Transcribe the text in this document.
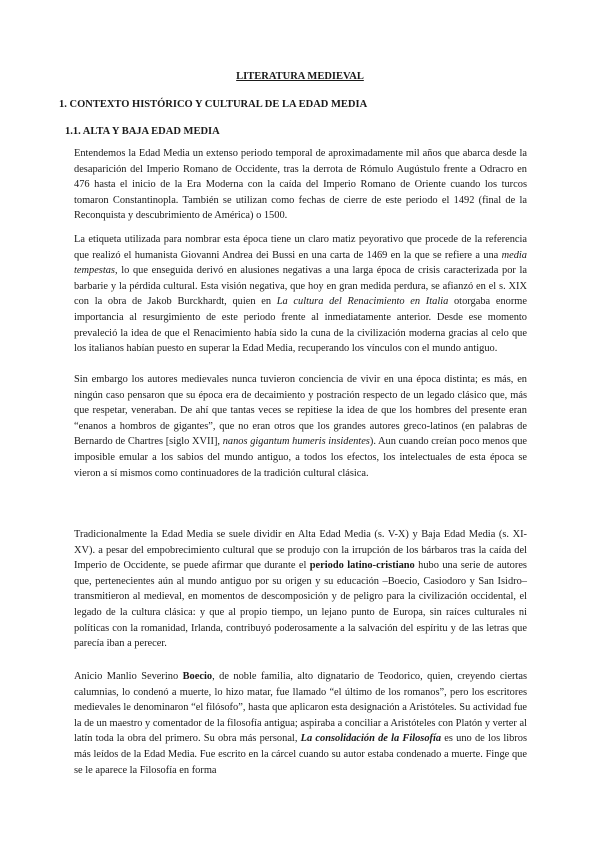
LITERATURA MEDIEVAL
1. CONTEXTO HISTÓRICO Y CULTURAL DE LA EDAD MEDIA
1.1. ALTA Y BAJA EDAD MEDIA

Entendemos la Edad Media un extenso periodo temporal de aproximadamente mil años que abarca desde la desaparición del Imperio Romano de Occidente, tras la derrota de Rómulo Augústulo frente a Odracro en 476 hasta el inicio de la Era Moderna con la caída del Imperio Romano de Oriente cuando los turcos tomaron Constantinopla. También se utilizan como fechas de cierre de este periodo el 1492 (final de la Reconquista y descubrimiento de América) o 1500.

La etiqueta utilizada para nombrar esta época tiene un claro matiz peyorativo que procede de la referencia que realizó el humanista Giovanni Andrea dei Bussi en una carta de 1469 en la que se refiere a una media tempestas, lo que enseguida derivó en alusiones negativas a una larga época de crisis caracterizada por la barbarie y la pérdida cultural. Esta visión negativa, que hoy en gran medida perdura, se afianzó en el s. XIX con la obra de Jakob Burckhardt, quien en La cultura del Renacimiento en Italia otorgaba enorme importancia al resurgimiento de este periodo frente al inmediatamente anterior. Desde ese momento prevaleció la idea de que el Renacimiento había sido la cuna de la civilización moderna gracias al celo que los italianos habían puesto en superar la Edad Media, recuperando los vínculos con el mundo antiguo.

Sin embargo los autores medievales nunca tuvieron conciencia de vivir en una época distinta; es más, en ningún caso pensaron que su época era de decaimiento y postración respecto de un legado clásico que, más que respetar, veneraban. De ahí que tantas veces se repitiese la idea de que los hombres del presente eran “enanos a hombros de gigantes”, que no eran otros que los grandes autores greco-latinos (en palabras de Bernardo de Chartres [siglo XVII], nanos gigantum humeris insidentes). Aun cuando creían poco menos que imposible emular a los sabios del mundo antiguo, a todos los efectos, los intelectuales de esta época se vieron a sí mismos como continuadores de la tradición cultural clásica.

Tradicionalmente la Edad Media se suele dividir en Alta Edad Media (s. V-X) y Baja Edad Media (s. XI-XV). a pesar del empobrecimiento cultural que se produjo con la irrupción de los bárbaros tras la caída del Imperio de Occidente, se puede afirmar que durante el periodo latino-cristiano hubo una serie de autores que, pertenecientes aún al mundo antiguo por su origen y su educación –Boecio, Casiodoro y San Isidro– transmitieron al medieval, en momentos de descomposición y de peligro para la civilización occidental, el legado de la cultura clásica: y que al propio tiempo, un lejano punto de Europa, sin raíces culturales ni políticas con la romanidad, Irlanda, contribuyó poderosamente a la salvación del espíritu y de las letras que parecía iban a perecer.

Anicio Manlio Severino Boecio, de noble familia, alto dignatario de Teodorico, quien, creyendo ciertas calumnias, lo condenó a muerte, lo hizo matar, fue llamado “el último de los romanos”, pero los escritores medievales le denominaron “el filósofo”, hasta que aplicaron esta designación a Aristóteles. Su actividad fue la de un maestro y comentador de la filosofía antigua; aspiraba a conciliar a Aristóteles con Platón y verter al latín toda la obra del primero. Su obra más personal, La consolidación de la Filosofía es uno de los libros más leídos de la Edad Media. Fue escrito en la cárcel cuando su autor estaba condenado a muerte. Finge que se le aparece la Filosofía en forma
